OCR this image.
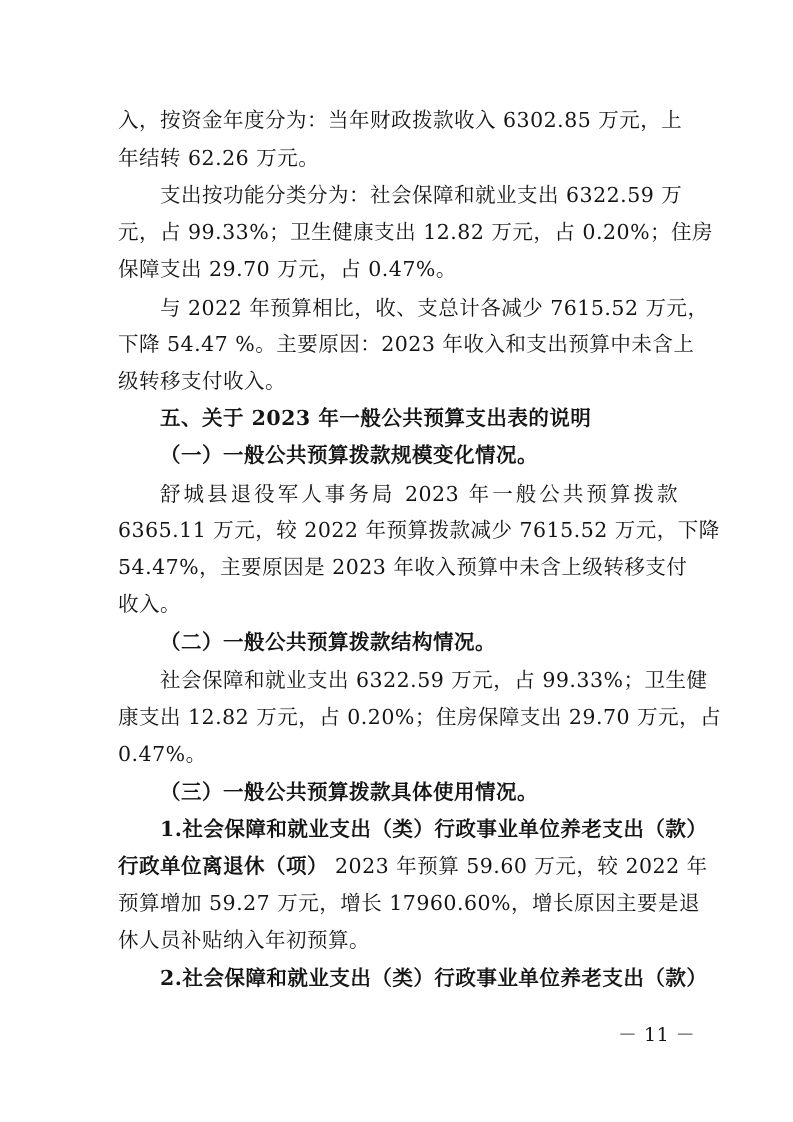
入，按资金年度分为：当年财政拨款收入 6302.85 万元，上
年结转 62.26 万元。
支出按功能分类分为：社会保障和就业支出 6322.59 万
元，占 99.33%；卫生健康支出 12.82 万元，占 0.20%；住房
保障支出 29.70 万元，占 0.47%。
与 2022 年预算相比，收、支总计各减少 7615.52 万元，
下降 54.47 %。主要原因：2023 年收入和支出预算中未含上
级转移支付收入。
五、关于 2023 年一般公共预算支出表的说明
（一）一般公共预算拨款规模变化情况。
舒城县退役军人事务局 2023 年一般公共预算拨款
6365.11 万元，较 2022 年预算拨款减少 7615.52 万元，下降
54.47%，主要原因是 2023 年收入预算中未含上级转移支付
收入。
（二）一般公共预算拨款结构情况。
社会保障和就业支出 6322.59 万元，占 99.33%；卫生健
康支出 12.82 万元，占 0.20%；住房保障支出 29.70 万元，占
0.47%。
（三）一般公共预算拨款具体使用情况。
1.社会保障和就业支出（类）行政事业单位养老支出（款）
行政单位离退休（项） 2023 年预算 59.60 万元，较 2022 年
预算增加 59.27 万元，增长 17960.60%，增长原因主要是退
休人员补贴纳入年初预算。
2.社会保障和就业支出（类）行政事业单位养老支出（款）
－ 11 －
